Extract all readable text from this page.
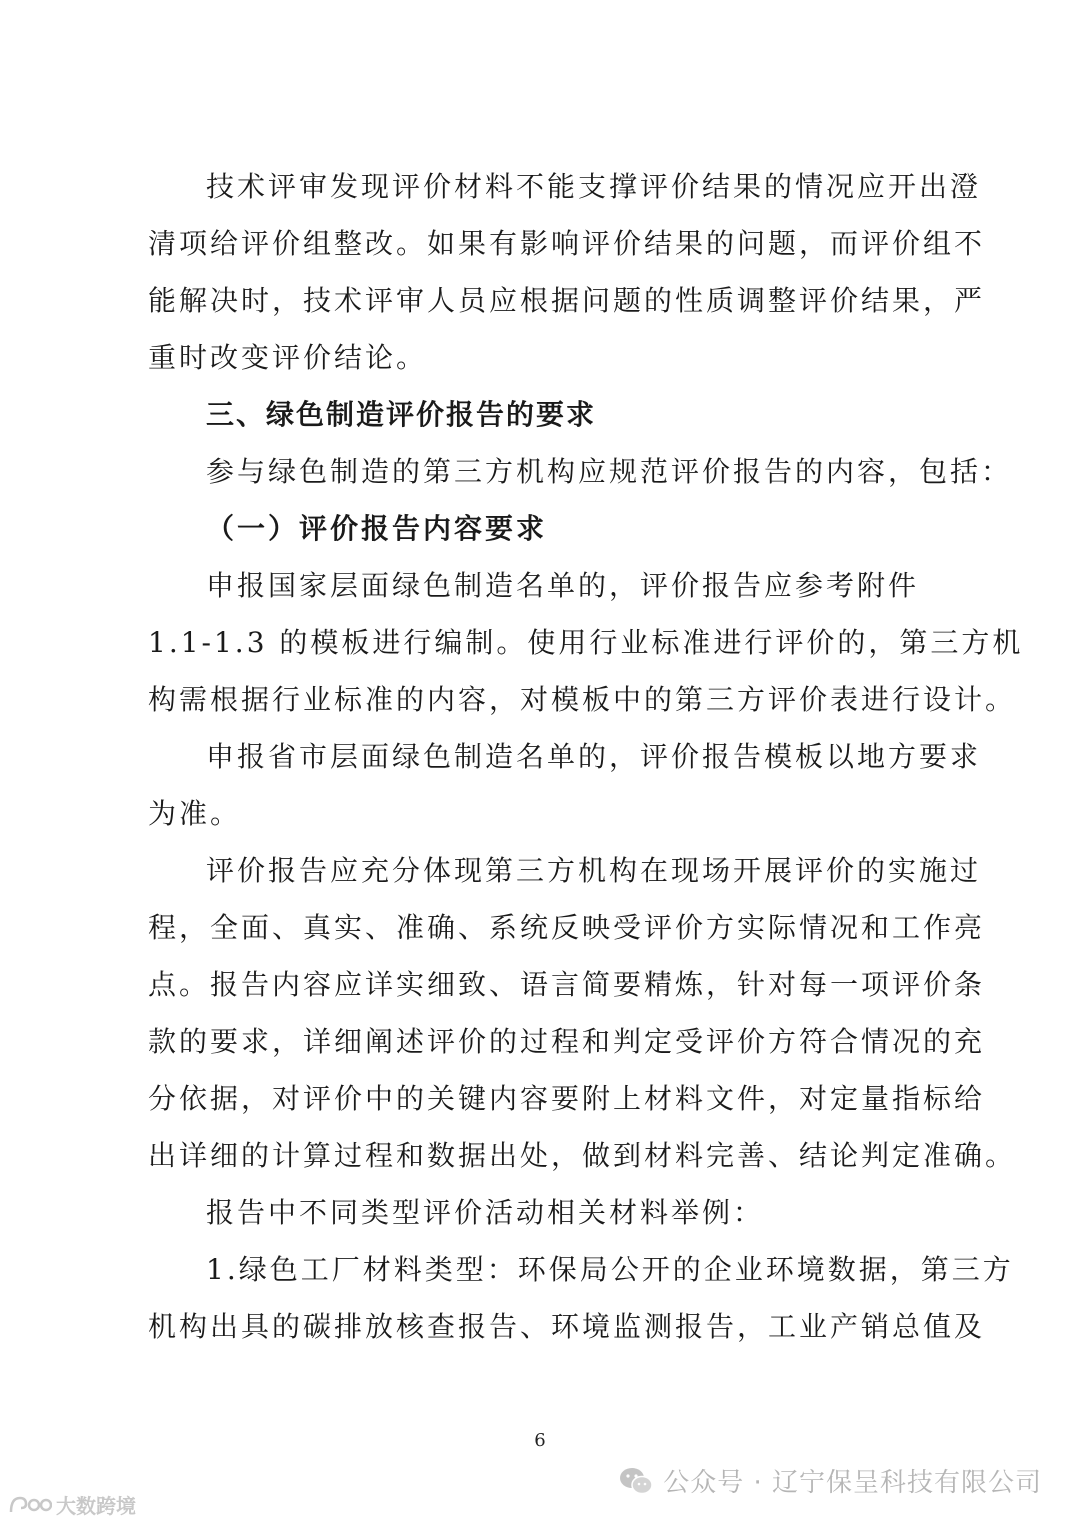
技术评审发现评价材料不能支撑评价结果的情况应开出澄

清项给评价组整改。如果有影响评价结果的问题，而评价组不

能解决时，技术评审人员应根据问题的性质调整评价结果，严

重时改变评价结论。

三、绿色制造评价报告的要求

参与绿色制造的第三方机构应规范评价报告的内容，包括：

（一）评价报告内容要求

申报国家层面绿色制造名单的，评价报告应参考附件

1.1-1.3 的模板进行编制。使用行业标准进行评价的，第三方机

构需根据行业标准的内容，对模板中的第三方评价表进行设计。

申报省市层面绿色制造名单的，评价报告模板以地方要求

为准。

评价报告应充分体现第三方机构在现场开展评价的实施过

程，全面、真实、准确、系统反映受评价方实际情况和工作亮

点。报告内容应详实细致、语言简要精炼，针对每一项评价条

款的要求，详细阐述评价的过程和判定受评价方符合情况的充

分依据，对评价中的关键内容要附上材料文件，对定量指标给

出详细的计算过程和数据出处，做到材料完善、结论判定准确。

报告中不同类型评价活动相关材料举例：

1.绿色工厂材料类型：环保局公开的企业环境数据，第三方

机构出具的碳排放核查报告、环境监测报告，工业产销总值及

6
公众号 · 辽宁保呈科技有限公司
大数跨境
